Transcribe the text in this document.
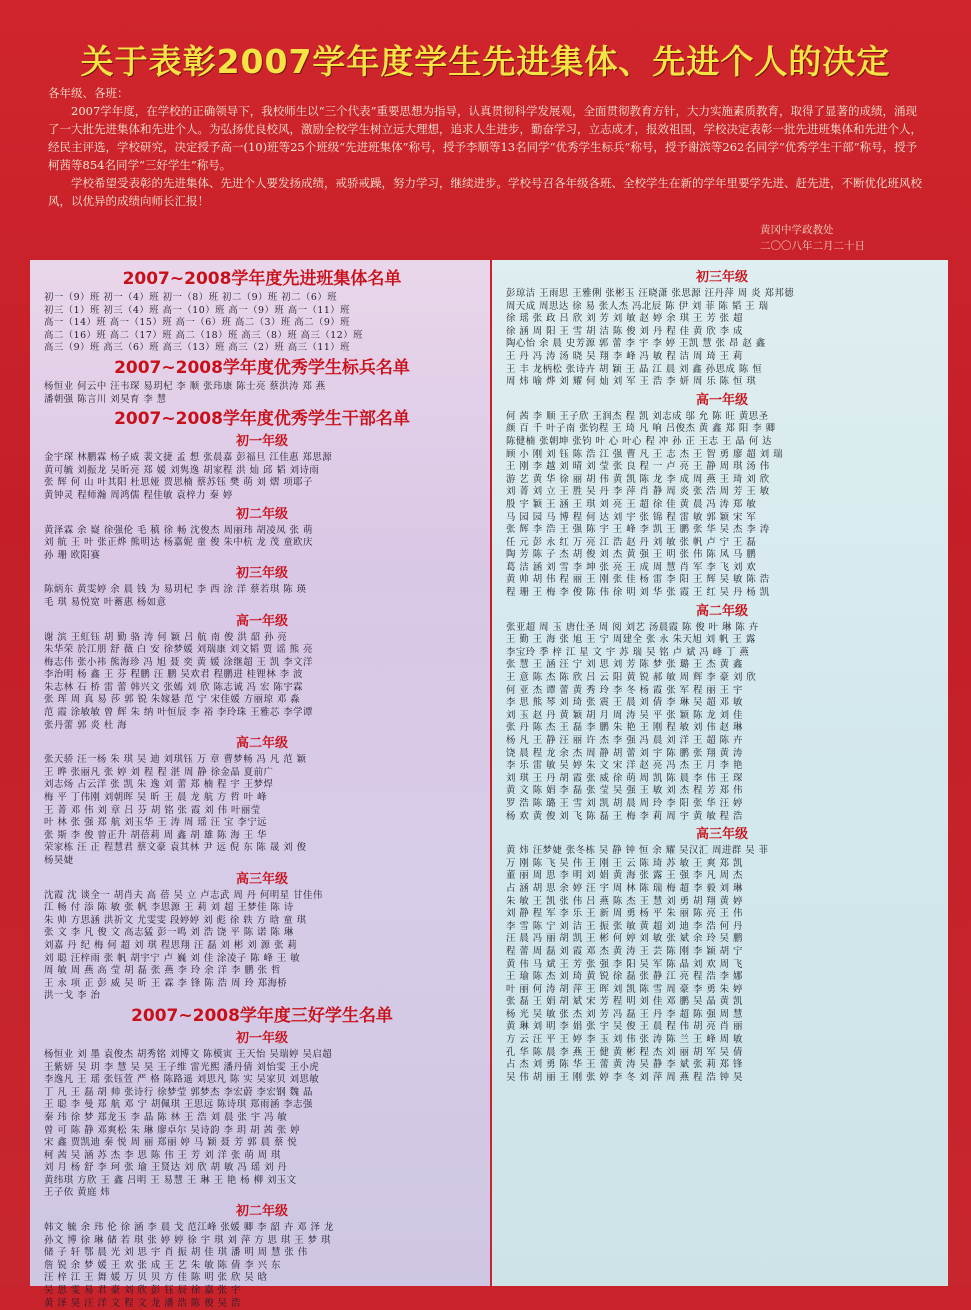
关于表彰2007学年度学生先进集体、先进个人的决定

各年级、各班：

2007学年度，在学校的正确领导下，我校师生以“三个代表”重要思想为指导，认真贯彻科学发展观，全面贯彻教育方针，大力实施素质教育，取得了显著的成绩，涌现了一大批先进集体和先进个人。为弘扬优良校风，激励全校学生树立远大理想，追求人生进步，勤奋学习，立志成才，报效祖国，学校决定表彰一批先进班集体和先进个人，经民主评选，学校研究，决定授予高一(10)班等25个班级“先进班集体”称号，授予李顺等13名同学“优秀学生标兵”称号，授予谢滨等262名同学“优秀学生干部”称号，授予柯茜等854名同学“三好学生”称号。

学校希望受表彰的先进集体、先进个人要发扬成绩，戒骄戒躁，努力学习，继续进步。学校号召各年级各班、全校学生在新的学年里要学先进、赶先进，不断优化班风校风，以优异的成绩向师长汇报！

黄冈中学政教处
二〇〇八年二月二十日
2007~2008学年度先进班集体名单
初一（9）班 初一（4）班 初一（8）班 初二（9）班 初二（6）班
初三（1）班 初三（4）班 高一（10）班 高一（9）班 高一（11）班
高一（14）班 高一（15）班 高一（6）班 高二（3）班 高二（9）班
高二（16）班 高二（17）班 高二（18）班 高三（8）班 高三（12）班
高三（9）班 高三（6）班 高三（13）班 高三（2）班 高三（11）班
2007~2008学年度优秀学生标兵名单
杨恒业 何云中 汪韦琛 易玥杞 李 顺 张玮康 陈士亮 蔡洪涛 郑 燕
潘朝强 陈言川 刘昊育 李 慧
2007~2008学年度优秀学生干部名单
初一年级
金宇琛 林鹏霖 杨子威 裴文捷 孟 想 张晨嘉 彭福旦 江佳惠 郑思源
黄可毓 刘振龙 吴昕亮 郑 媛 刘隽逸 胡家程 洪 灿 邱 韬 刘诗雨
张 辉 何 山 叶其阳 杜思娅 贾思楠 蔡苏钰 樊 萌 刘 熠 项耶子
黄钟灵 程师瀚 周鸿儒 程佳敏 袁梓力 秦 婷
初二年级
黄泽霖 余 嶷 徐强伦 毛 稹 徐 畅 沈俊杰 周丽玮 胡凌凤 张 萌
刘 航 王 叶 张正烨 熊明达 杨嘉妮 童 俊 朱中杭 龙 茂 童欧庆
孙 珊 欧阳赛
初三年级
陈炳东 黄雯婷 余 晨 钱 为 易玥杞 李 西 涂 洋 蔡若琪 陈 瑛
毛 琪 易悦宽 叶蓄惠 杨如意
高一年级
谢 滨 王虹钰 胡 勤 骆 涛 何 颖 吕 航 南 俊 洪 韶 孙 亮
朱华荣 於江朋 舒 薇 白 安 徐梦媛 刘瑞康 刘文韬 贾 谣 熊 亮
梅志伟 张小祎 熊海珍 冯 旭 聂 奕 黄 媛 涂继超 王 凯 李文洋
李治明 杨 鑫 王 芬 程鹏 汪 鹏 吴欢君 程鹏进 桂锂林 李 波
朱志林 石 桥 雷 蕾 韩兴文 张嫣 刘 欣 陈志诚 冯 宏 陈宇霖
张 珲 周 真 易 莎 郭 锐 朱嫁悬 范 宁 宋佳媛 方丽琼 邓 淼
范 霞 涂敏敏 曾 辉 朱 纳 叶恒辰 李 裕 李玲珠 王雅芯 李学谭
张丹蕾 郭 炎 杜 海
高二年级
张天骄 汪一杨 朱 琪 吴 迪 刘琪钰 万 章 曹梦畅 冯 凡 范 颖
王 晔 张丽凡 张 婷 刘 程 程 湛 周 静 徐金晶 夏前广
刘志炀 占云洋 张 凯 朱 逸 刘 蕾 郑 楠 程 宇 王梦焊
梅 平 丁伟刚 刘朝晖 吴 昕 王 晨 龙 航 方 哲 叶 峰
王 菁 邓 伟 刘 章 吕 芬 胡 铭 张 霞 刘 伟 叶丽莹
叶 林 张 强 郑 航 刘玉华 王 涛 周 瑶 汪 宝 李宁远
张 斯 李 俊 曾正升 胡蓓莉 周 鑫 胡 雄 陈 海 王 华
荣家栋 汪 正 程慧君 蔡文豪 袁其林 尹 远 倪 东 陈 晟 刘 俊
杨昊婕
高三年级
沈霞 沈 谈全一 胡肖夫 高 蓓 吴 立 卢志武 周 丹 何明星 甘佳伟
江 畅 付 添 陈 敏 张 帆 李思源 王 莉 刘 超 王梦佳 陈 诗
朱 帅 方思涵 洪祈文 尤雯雯 段婷婷 刘 彪 徐 轶 方 晗 童 琪
张 文 李 凡 俊 文 高志猛 彭一鸣 刘 浩 饶 平 陈 诺 陈 琳
刘嘉 丹 纪 梅 何 超 刘 琪 程思翔 汪 磊 刘 彬 刘 源 张 莉
刘 聪 汪梓雨 张 帆 胡宇宁 卢 巍 刘 佳 涂凌子 陈 峰 王 敏
周 敏 周 燕 高 莹 胡 磊 张 燕 李 玲 余 洋 李 鹏 张 哲
王 永 项 正 彭 威 吴 昕 王 霖 李 锋 陈 浩 周 玲 郑海桥
洪一戈 李 治
2007~2008学年度三好学生名单
初一年级
杨恒业 刘 墨 袁俊杰 胡秀铭 刘博文 陈模寅 王天怡 吴瑞婷 吴启超
王紫妍 吴 玥 李 慧 吴 昊 王子维 雷光熙 潘丹倩 刘怡雯 王小虎
李逸凡 王 瑶 张钰萱 严 格 陈路遥 刘思凡 陈 实 吴家贝 刘思敏
丁 凡 王 磊 胡 帅 张诗行 徐梦莹 郭梦杰 李宏蔚 李宏钢 魏 晶
王 聪 李 曼 郑 航 邓 宁 胡佩琪 王思远 陈诗琪 郑雨涵 李志强
秦 玮 徐 梦 郑龙玉 李 晶 陈 林 王 浩 刘 晨 张 宇 冯 敏
曾 可 陈 静 邓爽松 朱 琳 廖卓尔 吴诗韵 李 玥 胡 茜 张 婷
宋 鑫 贾凯迪 秦 悦 周 丽 郑丽 婷 马 颖 聂 芳 郭 晨 蔡 悦
柯 茜 吴 涵 苏 杰 李 思 陈 伟 王 芳 刘 洋 张 萌 周 琪
刘 月 杨 舒 李 珂 张 瑜 王贤达 刘 欣 胡 敏 冯 瑶 刘 丹
黄纬琪 方欣 王 鑫 吕明 王 易慧 王 琳 王 艳 杨 柳 刘玉文
王子依 黄庭 炜
初二年级
韩文 毓 余 玮 伦 徐 涵 李 晨 戈 范江峰 张媛 卿 李 韶 卉 邓 泽 龙
孙文 博 徐 琳 储 若 琪 张 婷 婷 徐 宇 琪 刘 萍 方 思 琪 王 梦 琪
储 子 轩 鄂 晨 光 刘 思 宇 肖 振 胡 佳 琪 潘 明 周 慧 张 伟
詹 锐 余 梦 媛 王 欢 张 成 王 艺 朱 敏 陈 倩 李 兴 东
汪 梓 江 王 舞 媛 万 贝 贝 方 佳 陈 明 张 欣 吴 晗
吴 思 雯 易 君 豪 刘 欣 彭 钰 辰 徐 嘉 张 宇
黄 泽 昊 汪 洋 文 程 文 龙 潘 浩 陈 俊 吴 浩
初三年级
彭琼洁 王雨思 王雅俐 张彬玉 汪晓潇 张思源 汪丹萍 周 炎 郑邦德
周天成 周思达 徐 易 张人杰 冯北辰 陈 伊 刘 菲 陈 韬 王 瑞
徐 瑶 张 政 吕 欣 刘 芳 刘 敏 赵 婷 余 琪 王 芳 张 超
徐 涵 周 阳 王 雪 胡 洁 陈 俊 刘 丹 程 佳 黄 欣 李 成
陶心怡 余 晨 史芳源 郭 蕾 李 宇 李 婷 王凯 慧 张 昂 赵 鑫
王 丹 冯 涛 汤 晓 吴 翔 李 峰 冯 敏 程 洁 周 琦 王 莉
王 丰 龙柄松 张诗卉 胡 颖 王 晶 江 晨 刘 鑫 孙思成 陈 恒
周 炜 喻 烨 刘 耀 何 灿 刘 军 王 浩 李 妍 周 乐 陈 恒 琪
高一年级
何 茜 李 顺 王子欣 王润杰 程 凯 刘志成 邬 允 陈 旺 黄思圣
颜 百 千 叶子南 张钧程 王 琦 凡 响 吕俊杰 黄 鑫 郑 阳 李 卿
陈健楠 张朝坤 张钧 叶 心 叶心 程 冲 孙 正 王志 王 晶 何 达
顾 小 刚 刘 钰 陈 浩 江 强 曹 凡 王 志 杰 王 智 勇 廖 超 刘 瑞
王 刚 李 越 刘 晴 刘 莹 张 良 程 一 卢 亮 王 静 周 琪 汤 伟
游 艺 黄 华 徐 丽 胡 伟 黄 凯 陈 龙 李 成 周 燕 王 琦 刘 欣
刘 菁 刘 立 王 胜 吴 丹 李 萍 肖 静 周 炎 张 浩 周 芳 王 敏
殷 宇 颖 王 涵 王 琪 刘 亮 王 超 徐 佳 黄 晨 冯 涛 郑 敏
马 园 园 马 博 程 何 达 刘 宇 张 锦 程 雷 敏 郭 颖 宋 军
张 辉 李 浩 王 强 陈 宇 王 峰 李 凯 王 鹏 张 华 吴 杰 李 涛
任 元 彭 永 红 万 亮 江 浩 赵 丹 刘 敏 张 帆 卢 宁 王 磊
陶 芳 陈 子 杰 胡 俊 刘 杰 黄 强 王 明 张 伟 陈 凤 马 鹏
葛 洁 涵 刘 雪 李 坤 张 亮 王 成 周 慧 肖 军 李 飞 刘 欢
黄 帅 胡 伟 程 丽 王 刚 张 佳 杨 雷 李 阳 王 辉 吴 敏 陈 浩
程 珊 王 梅 李 俊 陈 伟 徐 明 刘 华 张 霞 王 红 吴 丹 杨 凯
高二年级
张亚超 周 玉 唐仕圣 周 阅 刘艺 汤晨霞 陈 俊 叶 琳 陈 卉
王 勤 王 海 张 旭 王 宁 周建全 张 永 朱天旭 刘 帆 王 露
李宝玲 季 梓 江 星 文 宇 苏 瑞 吴 铭 卢 斌 冯 峰 丁 燕
张 慧 王 涵 汪 宁 刘 思 刘 芳 陈 梦 张 璐 王 杰 黄 鑫
王 意 陈 杰 陈 欣 吕 云 阳 黄 锐 郝 敏 周 辉 李 豪 刘 欣
何 亚 杰 谭 蕾 黄 秀 玲 李 冬 杨 霞 张 军 程 丽 王 宇
李 思 熊 琴 刘 琦 张 震 王 晨 刘 倩 李 琳 吴 超 邓 敏
刘 玉 赵 丹 黄 颖 胡 月 周 涛 吴 平 张 颖 陈 龙 刘 佳
张 丹 陈 杰 王 磊 李 鹏 朱 艳 王 刚 程 敏 刘 伟 赵 琳
杨 凡 王 静 汪 丽 许 杰 李 强 冯 晨 刘 洋 王 超 陈 卉
饶 晨 程 龙 余 杰 周 静 胡 蕾 刘 宇 陈 鹏 张 翔 黄 涛
李 乐 雷 敏 吴 婷 朱 文 宋 洋 赵 亮 冯 杰 王 月 李 艳
刘 琪 王 丹 胡 霞 张 威 徐 萌 周 凯 陈 晨 李 伟 王 琛
黄 文 陈 娟 李 磊 张 莹 吴 强 王 敏 刘 杰 程 芳 郑 伟
罗 浩 陈 璐 王 雪 刘 凯 胡 晨 周 玲 李 阳 张 华 汪 婷
杨 欢 黄 俊 刘 飞 陈 磊 王 梅 李 莉 周 宇 黄 敏 程 浩
高三年级
黄 炜 汪梦婕 张冬栋 吴 静 钟 恒 余 耀 吴汉汇 周进群 吴 菲
万 刚 陈 飞 吴 伟 王 刚 王 云 陈 琦 苏 敏 王 爽 郑 凯
董 丽 周 思 李 明 刘 娟 黄 海 张 露 王 强 李 凡 周 杰
占 涵 胡 思 余 婷 汪 宇 周 林 陈 瑞 梅 超 李 毅 刘 琳
朱 敏 王 凯 张 伟 吕 燕 陈 杰 王 慧 刘 勇 胡 翔 黄 婷
刘 静 程 军 李 乐 王 新 周 勇 杨 平 朱 丽 陈 亮 王 伟
李 雪 陈 宁 刘 洁 王 振 张 敏 黄 超 刘 迪 李 浩 何 丹
汪 晨 冯 丽 胡 凯 王 彬 何 婷 刘 敏 张 斌 余 玲 吴 鹏
程 蕾 周 磊 刘 霞 邓 杰 黄 涛 王 芸 陈 刚 李 颖 胡 宁
黄 伟 马 斌 王 芳 张 强 李 阳 吴 军 陈 晶 刘 欢 周 飞
王 瑜 陈 杰 刘 琦 黄 锐 徐 磊 张 静 江 亮 程 浩 李 娜
叶 丽 何 涛 胡 萍 王 晖 刘 凯 陈 雪 周 豪 李 勇 朱 婷
张 磊 王 娟 胡 斌 宋 芳 程 明 刘 佳 邓 鹏 吴 晶 黄 凯
杨 光 吴 敏 张 杰 刘 芳 冯 磊 王 丹 李 超 陈 强 周 慧
黄 琳 刘 明 李 娟 张 宇 吴 俊 王 晨 程 伟 胡 亮 肖 丽
方 云 汪 平 王 婷 李 玉 刘 伟 张 涛 陈 兰 王 峰 周 敏
孔 华 陈 晨 李 燕 王 健 黄 彬 程 杰 刘 丽 胡 军 吴 倩
占 杰 刘 勇 陈 华 王 蕾 黄 涛 吴 静 李 斌 张 莉 郑 锋
吴 伟 胡 丽 王 刚 张 婷 李 冬 刘 萍 周 燕 程 浩 钟 昊
